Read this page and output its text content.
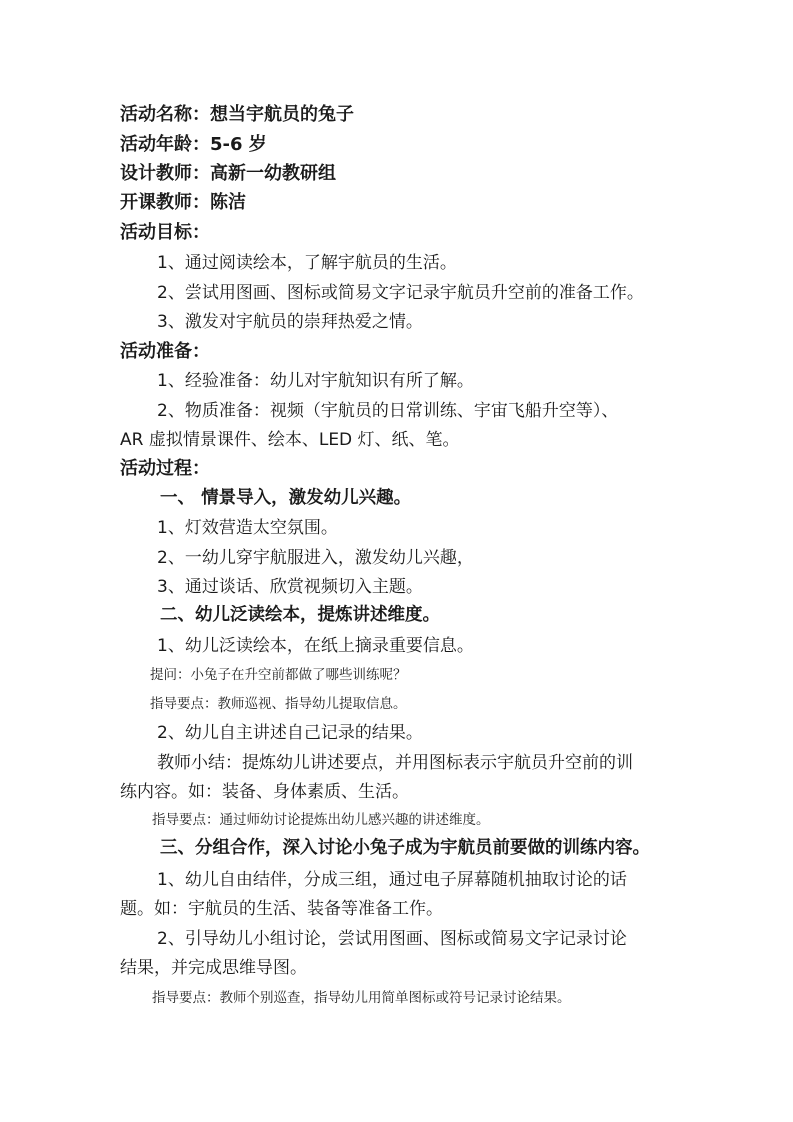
活动名称：想当宇航员的兔子

活动年龄：5-6 岁

设计教师：高新一幼教研组

开课教师：陈洁

活动目标：

1、通过阅读绘本，了解宇航员的生活。

2、尝试用图画、图标或简易文字记录宇航员升空前的准备工作。

3、激发对宇航员的崇拜热爱之情。

活动准备：

1、经验准备：幼儿对宇航知识有所了解。

2、物质准备：视频（宇航员的日常训练、宇宙飞船升空等）、

AR 虚拟情景课件、绘本、LED 灯、纸、笔。

活动过程：

一、 情景导入，激发幼儿兴趣。

1、灯效营造太空氛围。

2、一幼儿穿宇航服进入，激发幼儿兴趣，

3、通过谈话、欣赏视频切入主题。

二、幼儿泛读绘本，提炼讲述维度。

1、幼儿泛读绘本，在纸上摘录重要信息。

提问：小兔子在升空前都做了哪些训练呢？

指导要点：教师巡视、指导幼儿提取信息。

2、幼儿自主讲述自己记录的结果。

教师小结：提炼幼儿讲述要点，并用图标表示宇航员升空前的训

练内容。如：装备、身体素质、生活。

指导要点：通过师幼讨论提炼出幼儿感兴趣的讲述维度。

三、分组合作，深入讨论小兔子成为宇航员前要做的训练内容。

1、幼儿自由结伴，分成三组，通过电子屏幕随机抽取讨论的话

题。如：宇航员的生活、装备等准备工作。

2、引导幼儿小组讨论，尝试用图画、图标或简易文字记录讨论

结果，并完成思维导图。

指导要点：教师个别巡查，指导幼儿用简单图标或符号记录讨论结果。
